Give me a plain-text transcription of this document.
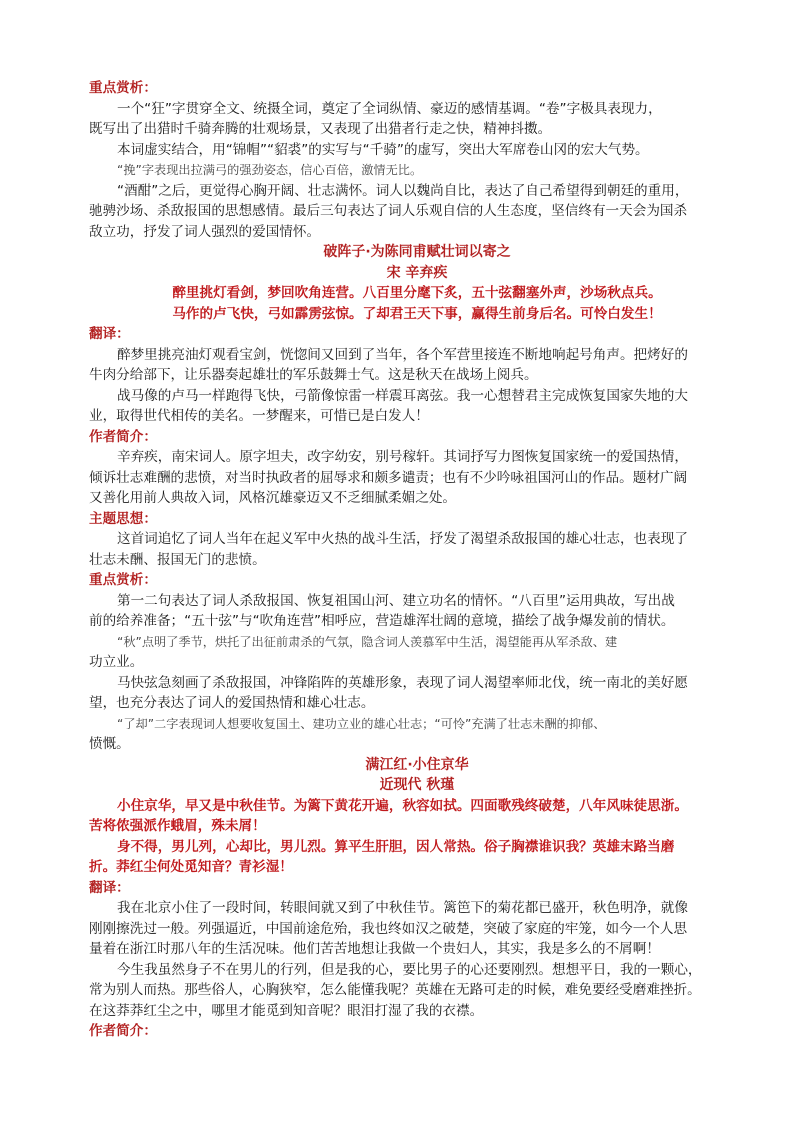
重点赏析：
一个“狂”字贯穿全文、统摄全词，奠定了全词纵情、豪迈的感情基调。“卷”字极具表现力，
既写出了出猎时千骑奔腾的壮观场景，又表现了出猎者行走之快，精神抖擞。
本词虚实结合，用“锦帽”“貂裘”的实写与“千骑”的虚写，突出大军席卷山冈的宏大气势。
“挽”字表现出拉满弓的强劲姿态，信心百倍，激情无比。
“酒酣”之后，更觉得心胸开阔、壮志满怀。词人以魏尚自比，表达了自己希望得到朝廷的重用，
驰骋沙场、杀敌报国的思想感情。最后三句表达了词人乐观自信的人生态度，坚信终有一天会为国杀
敌立功，抒发了词人强烈的爱国情怀。
破阵子·为陈同甫赋壮词以寄之
宋 辛弃疾
醉里挑灯看剑，梦回吹角连营。八百里分麾下炙，五十弦翻塞外声，沙场秋点兵。
马作的卢飞快，弓如霹雳弦惊。了却君王天下事，赢得生前身后名。可怜白发生！
翻译：
醉梦里挑亮油灯观看宝剑，恍惚间又回到了当年，各个军营里接连不断地响起号角声。把烤好的
牛肉分给部下，让乐器奏起雄壮的军乐鼓舞士气。这是秋天在战场上阅兵。
战马像的卢马一样跑得飞快，弓箭像惊雷一样震耳离弦。我一心想替君主完成恢复国家失地的大
业，取得世代相传的美名。一梦醒来，可惜已是白发人！
作者简介：
辛弃疾，南宋词人。原字坦夫，改字幼安，别号稼轩。其词抒写力图恢复国家统一的爱国热情，
倾诉壮志难酬的悲愤，对当时执政者的屈辱求和颇多谴责；也有不少吟咏祖国河山的作品。题材广阔
又善化用前人典故入词，风格沉雄豪迈又不乏细腻柔媚之处。
主题思想：
这首词追忆了词人当年在起义军中火热的战斗生活，抒发了渴望杀敌报国的雄心壮志，也表现了
壮志未酬、报国无门的悲愤。
重点赏析：
第一二句表达了词人杀敌报国、恢复祖国山河、建立功名的情怀。“八百里”运用典故，写出战
前的给养准备；“五十弦”与“吹角连营”相呼应，营造雄浑壮阔的意境，描绘了战争爆发前的情状。
“秋”点明了季节，烘托了出征前肃杀的气氛，隐含词人羡慕军中生活，渴望能再从军杀敌、建
功立业。
马快弦急刻画了杀敌报国，冲锋陷阵的英雄形象，表现了词人渴望率师北伐，统一南北的美好愿
望，也充分表达了词人的爱国热情和雄心壮志。
“了却”二字表现词人想要收复国土、建功立业的雄心壮志；“可怜”充满了壮志未酬的抑郁、
愤慨。
满江红·小住京华
近现代 秋瑾
小住京华，早又是中秋佳节。为篱下黄花开遍，秋容如拭。四面歌残终破楚，八年风味徒思浙。
苦将侬强派作蛾眉，殊未屑！
身不得，男儿列，心却比，男儿烈。算平生肝胆，因人常热。俗子胸襟谁识我？英雄末路当磨
折。莽红尘何处觅知音？青衫湿！
翻译：
我在北京小住了一段时间，转眼间就又到了中秋佳节。篱笆下的菊花都已盛开，秋色明净，就像
刚刚擦洗过一般。列强逼近，中国前途危殆，我也终如汉之破楚，突破了家庭的牢笼，如今一个人思
量着在浙江时那八年的生活况味。他们苦苦地想让我做一个贵妇人，其实，我是多么的不屑啊！
今生我虽然身子不在男儿的行列，但是我的心，要比男子的心还要刚烈。想想平日，我的一颗心，
常为别人而热。那些俗人，心胸狭窄，怎么能懂我呢？英雄在无路可走的时候，难免要经受磨难挫折。
在这莽莽红尘之中，哪里才能觅到知音呢？眼泪打湿了我的衣襟。
作者简介：
